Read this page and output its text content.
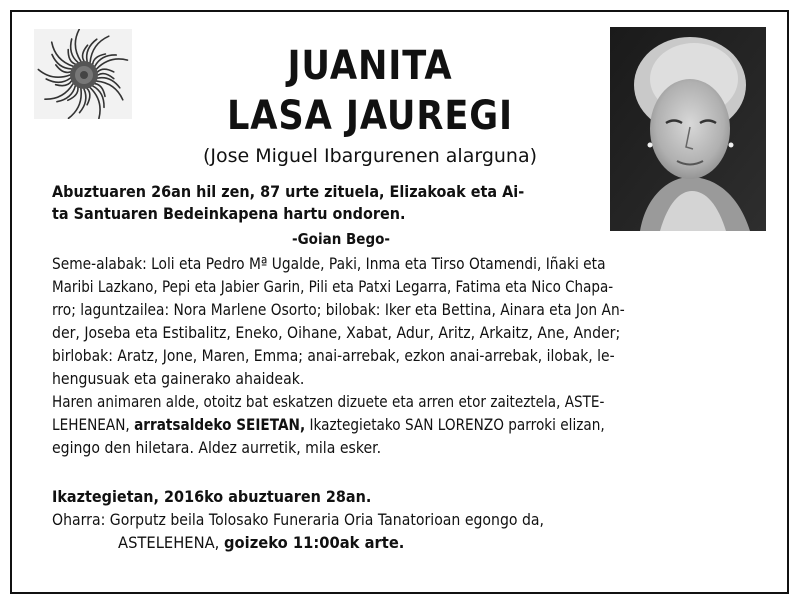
JUANITA
LASA JAUREGI
(Jose Miguel Ibargurenen alarguna)
Abuztuaren 26an hil zen, 87 urte zituela, Elizakoak eta Ai-
ta Santuaren Bedeinkapena hartu ondoren.
-Goian Bego-
Seme-alabak: Loli eta Pedro Mª Ugalde, Paki, Inma eta Tirso Otamendi, Iñaki eta
Maribi Lazkano, Pepi eta Jabier Garin, Pili eta Patxi Legarra, Fatima eta Nico Chapa-
rro; laguntzailea: Nora Marlene Osorto; bilobak: Iker eta Bettina, Ainara eta Jon An-
der, Joseba eta Estibalitz, Eneko, Oihane, Xabat, Adur, Aritz, Arkaitz, Ane, Ander;
birlobak: Aratz, Jone, Maren, Emma; anai-arrebak, ezkon anai-arrebak, ilobak, le-
hengusuak eta gainerako ahaideak.
Haren animaren alde, otoitz bat eskatzen dizuete eta arren etor zaiteztela, ASTE-
LEHENEAN, arratsaldeko SEIETAN, Ikaztegietako SAN LORENZO parroki elizan,
egingo den hiletara. Aldez aurretik, mila esker.
Ikaztegietan, 2016ko abuztuaren 28an.
Oharra: Gorputz beila Tolosako Funeraria Oria Tanatorioan egongo da,
ASTELEHENA, goizeko 11:00ak arte.
